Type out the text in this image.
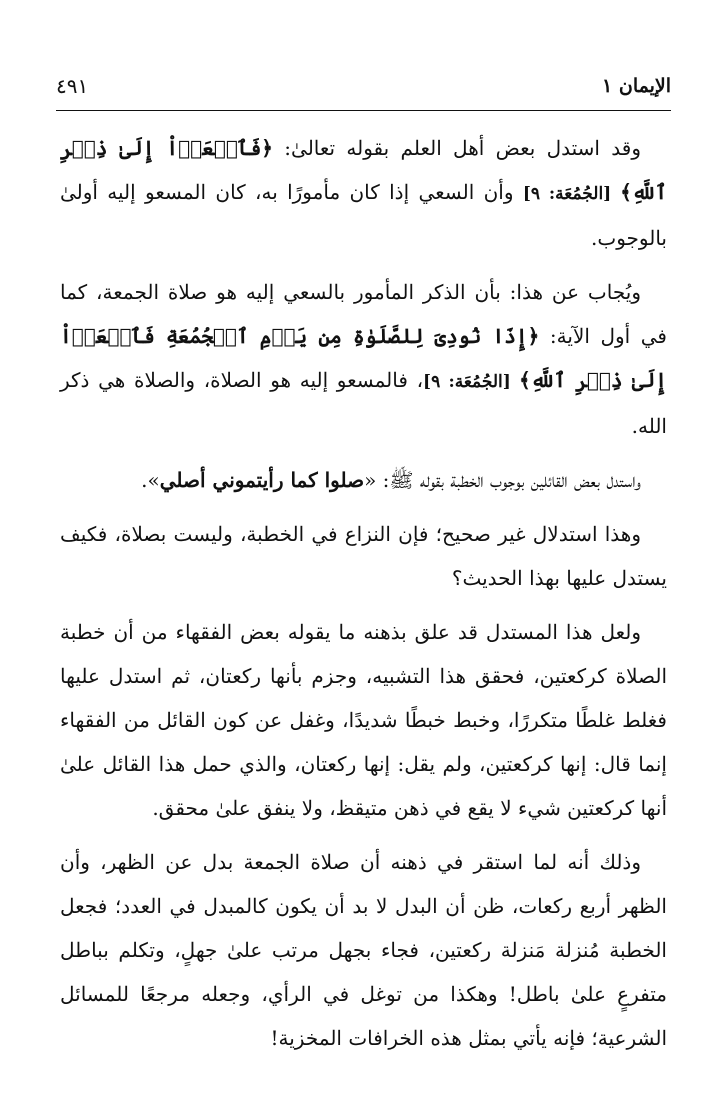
الإيمان ١
٤٩١

وقد استدل بعض أهل العلم بقوله تعالىٰ: ﴿فَٱسۡعَوۡاْ إِلَىٰ ذِكۡرِ ٱللَّهِ﴾ [الجُمُعَة: ٩] وأن السعي إذا كان مأمورًا به، كان المسعو إليه أولىٰ بالوجوب.

ويُجاب عن هذا: بأن الذكر المأمور بالسعي إليه هو صلاة الجمعة، كما في أول الآية: ﴿إِذَا نُودِىَ لِلصَّلَوٰةِ مِن يَوۡمِ ٱلۡجُمُعَةِ فَٱسۡعَوۡاْ إِلَىٰ ذِكۡرِ ٱللَّهِ﴾ [الجُمُعَة: ٩]، فالمسعو إليه هو الصلاة، والصلاة هي ذكر الله.

واستدل بعض القائلين بوجوب الخطبة بقوله ﷺ: «صلوا كما رأيتموني أصلي».

وهذا استدلال غير صحيح؛ فإن النزاع في الخطبة، وليست بصلاة، فكيف يستدل عليها بهذا الحديث؟

ولعل هذا المستدل قد علق بذهنه ما يقوله بعض الفقهاء من أن خطبة الصلاة كركعتين، فحقق هذا التشبيه، وجزم بأنها ركعتان، ثم استدل عليها فغلط غلطًا متكررًا، وخبط خبطًا شديدًا، وغفل عن كون القائل من الفقهاء إنما قال: إنها كركعتين، ولم يقل: إنها ركعتان، والذي حمل هذا القائل علىٰ أنها كركعتين شيء لا يقع في ذهن متيقظ، ولا ينفق علىٰ محقق.

وذلك أنه لما استقر في ذهنه أن صلاة الجمعة بدل عن الظهر، وأن الظهر أربع ركعات، ظن أن البدل لا بد أن يكون كالمبدل في العدد؛ فجعل الخطبة مُنزلة مَنزلة ركعتين، فجاء بجهل مرتب علىٰ جهلٍ، وتكلم بباطل متفرعٍ علىٰ باطل! وهكذا من توغل في الرأي، وجعله مرجعًا للمسائل الشرعية؛ فإنه يأتي بمثل هذه الخرافات المخزية!
